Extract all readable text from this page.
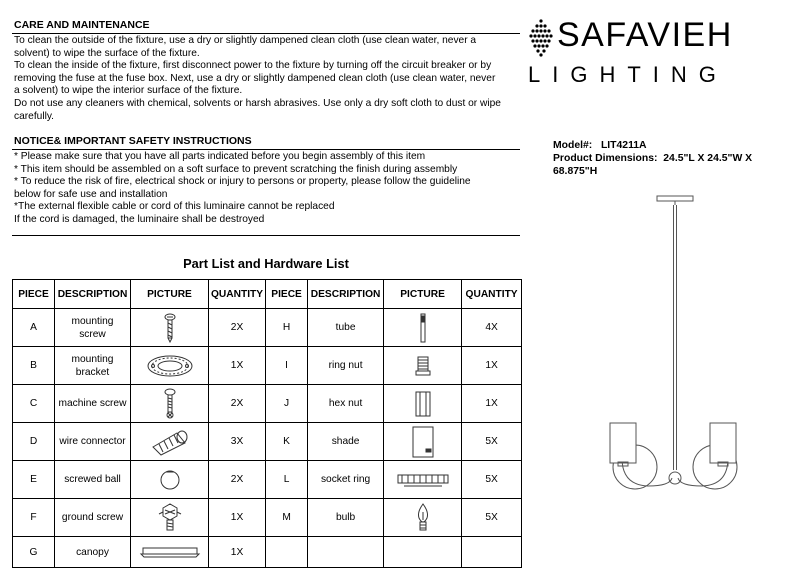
CARE AND MAINTENANCE
To clean the outside of the fixture, use a dry or slightly dampened clean cloth (use clean water, never a
solvent) to wipe the surface of the fixture.
To clean the inside of the fixture, first disconnect power to the fixture by turning off the circuit breaker or by
removing the fuse at the fuse box. Next, use a dry or slightly dampened clean cloth (use clean water, never
a solvent) to wipe the interior surface of the fixture.
Do not use any cleaners with chemical, solvents or harsh abrasives. Use only a dry soft cloth to dust or wipe
carefully.
NOTICE& IMPORTANT SAFETY INSTRUCTIONS
* Please make sure that you have all parts indicated before you begin assembly of this item
* This item should be assembled on a soft surface to prevent scratching the finish during assembly
* To reduce the risk of fire, electrical shock or injury to persons or property, please follow the guideline
below for safe use and installation
*The external flexible cable or cord of this luminaire cannot be replaced
If the cord is damaged, the luminaire shall be destroyed
SAFAVIEH
LIGHTING
Model#: LIT4211A
Product Dimensions: 24.5"L X 24.5"W X
68.875"H
Part List and Hardware List
PIECE	DESCRIPTION	PICTURE	QUANTITY	PIECE	DESCRIPTION	PICTURE	QUANTITY
A	mounting
screw		2X	H	tube		4X
B	mounting
bracket		1X	I	ring nut		1X
C	machine screw		2X	J	hex nut		1X
D	wire connector		3X	K	shade		5X
E	screwed ball		2X	L	socket ring		5X
F	ground screw		1X	M	bulb		5X
G	canopy		1X				
